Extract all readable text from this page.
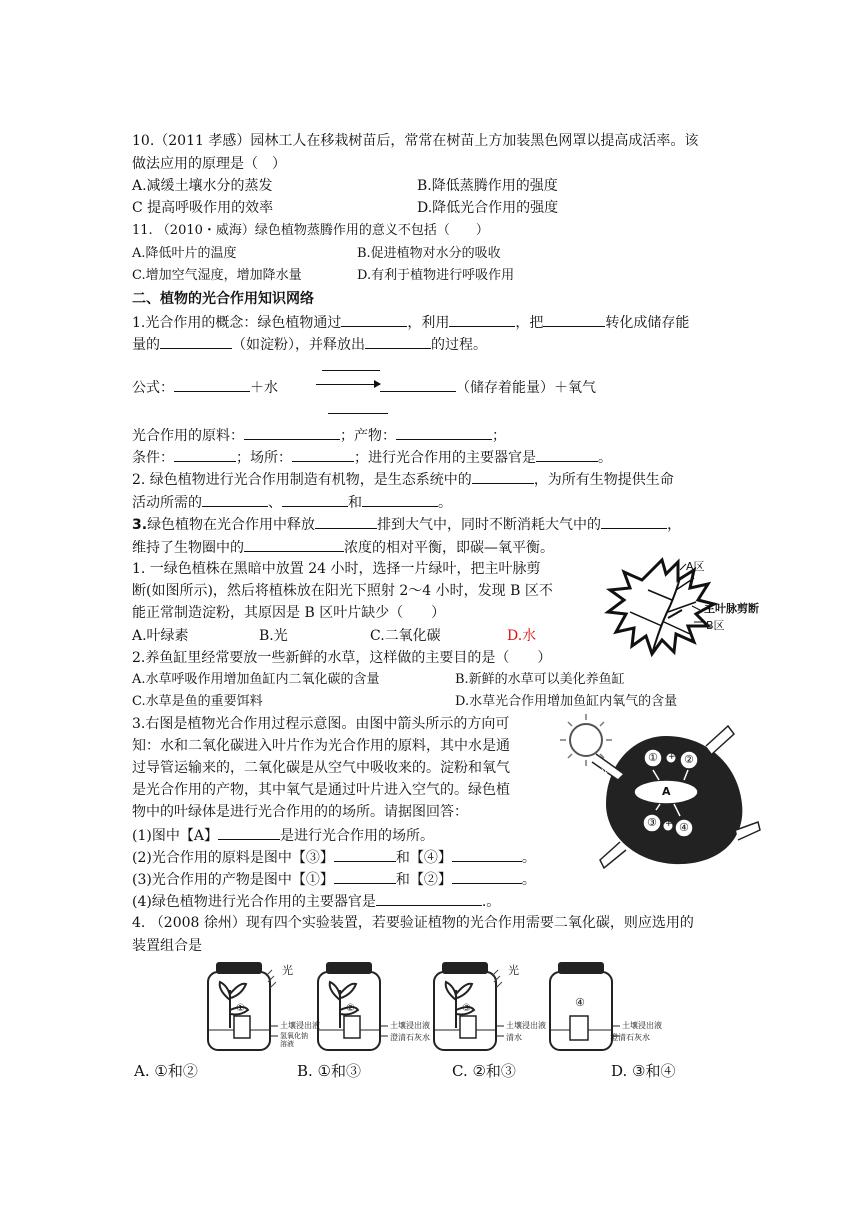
10.（2011 孝感）园林工人在移栽树苗后，常常在树苗上方加装黑色网罩以提高成活率。该
做法应用的原理是（　）
A.减缓土壤水分的蒸发	B.降低蒸腾作用的强度
C 提高呼吸作用的效率	D.降低光合作用的强度
11. （2010・威海）绿色植物蒸腾作用的意义不包括（　　）
A.降低叶片的温度	B.促进植物对水分的吸收
C.增加空气湿度，增加降水量	D.有利于植物进行呼吸作用
二、植物的光合作用知识网络
1.光合作用的概念：绿色植物通过	，利用	，把	转化成储存能
量的	（如淀粉），并释放出	的过程。
公式：	＋水	（储存着能量）＋氧气
光合作用的原料：	；产物：	；
条件：	；场所：	；进行光合作用的主要器官是	。
2. 绿色植物进行光合作用制造有机物，是生态系统中的	，为所有生物提供生命
活动所需的	、	和	。
3.绿色植物在光合作用中释放	排到大气中，同时不断消耗大气中的	，
维持了生物圈中的	浓度的相对平衡，即碳—氧平衡。
1. 一绿色植株在黑暗中放置 24 小时，选择一片绿叶，把主叶脉剪
断(如图所示)，然后将植株放在阳光下照射 2～4 小时，发现 B 区不
能正常制造淀粉，其原因是 B 区叶片缺少（　　）
A.叶绿素	B.光	C.二氧化碳	D.水
A区
主叶脉剪断
B区
2.养鱼缸里经常要放一些新鲜的水草，这样做的主要目的是（　　）
A.水草呼吸作用增加鱼缸内二氧化碳的含量	B.新鲜的水草可以美化养鱼缸
C.水草是鱼的重要饵料	D.水草光合作用增加鱼缸内氧气的含量
3.右图是植物光合作用过程示意图。由图中箭头所示的方向可
知：水和二氧化碳进入叶片作为光合作用的原料，其中水是通
过导管运输来的，二氧化碳是从空气中吸收来的。淀粉和氧气
是光合作用的产物，其中氧气是通过叶片进入空气的。绿色植
物中的叶绿体是进行光合作用的的场所。请据图回答：
(1)图中【A】	是进行光合作用的场所。
(2)光合作用的原料是图中【③】	和【④】	。
(3)光合作用的产物是图中【①】	和【②】	。
(4)绿色植物进行光合作用的主要器官是	.。
光
① ②
+
A
③ ④
+
4. （2008 徐州）现有四个实验装置，若要验证植物的光合作用需要二氧化碳，则应选用的
装置组合是
光	光
①	②	③	④
土壤浸出液
氢氧化钠溶液
土壤浸出液
澄清石灰水
土壤浸出液
清水
土壤浸出液
澄清石灰水
A. ①和②	B. ①和③	C. ②和③	D. ③和④
